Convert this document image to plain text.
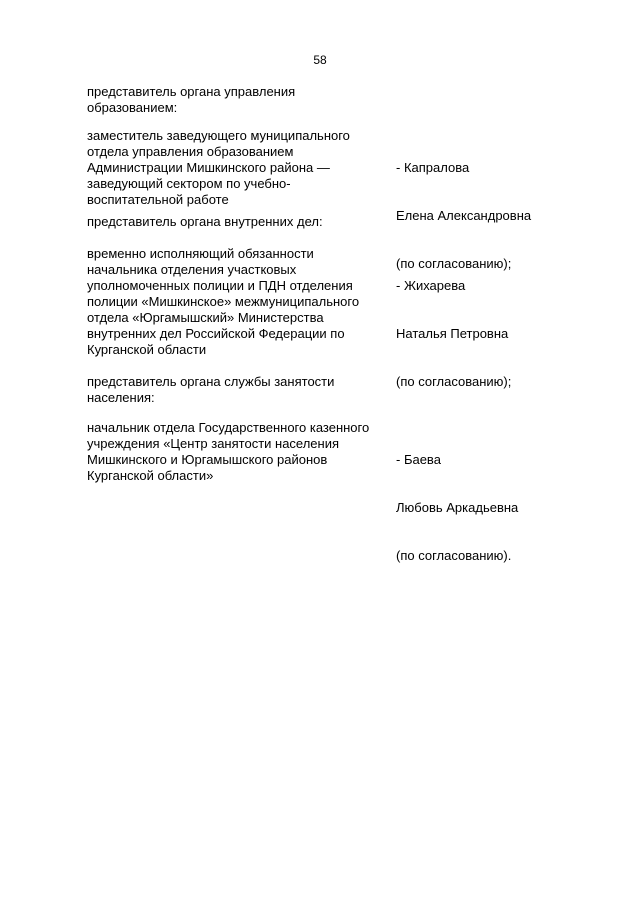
58
представитель органа управления
образованием:
заместитель заведующего муниципального
отдела управления образованием
Администрации Мишкинского района —
заведующий сектором по учебно-
воспитательной работе

- Капралова

Елена Александровна

(по согласованию);

представитель органа внутренних дел:
временно исполняющий обязанности
начальника отделения участковых
уполномоченных полиции и ПДН отделения
полиции «Мишкинское» межмуниципального
отдела «Юргамышский» Министерства
внутренних дел Российской Федерации по
Курганской области

- Жихарева

Наталья Петровна

(по согласованию);

представитель органа службы занятости
населения:
начальник отдела Государственного казенного
учреждения «Центр занятости населения
Мишкинского и Юргамышского районов
Курганской области»

- Баева

Любовь Аркадьевна

(по согласованию).
